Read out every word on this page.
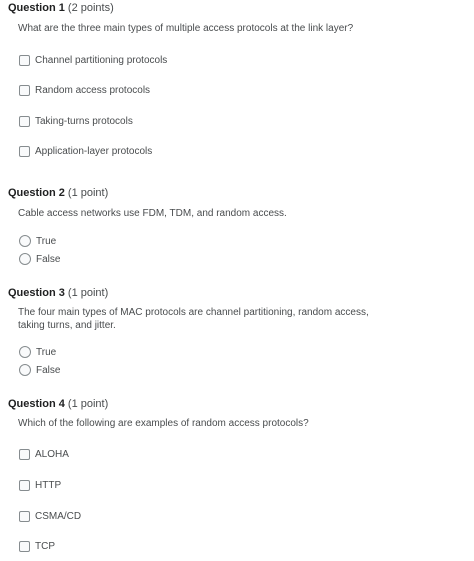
Question 1 (2 points)
What are the three main types of multiple access protocols at the link layer?
Channel partitioning protocols
Random access protocols
Taking-turns protocols
Application-layer protocols
Question 2 (1 point)
Cable access networks use FDM, TDM, and random access.
True
False
Question 3 (1 point)
The four main types of MAC protocols are channel partitioning, random access, taking turns, and jitter.
True
False
Question 4 (1 point)
Which of the following are examples of random access protocols?
ALOHA
HTTP
CSMA/CD
TCP
